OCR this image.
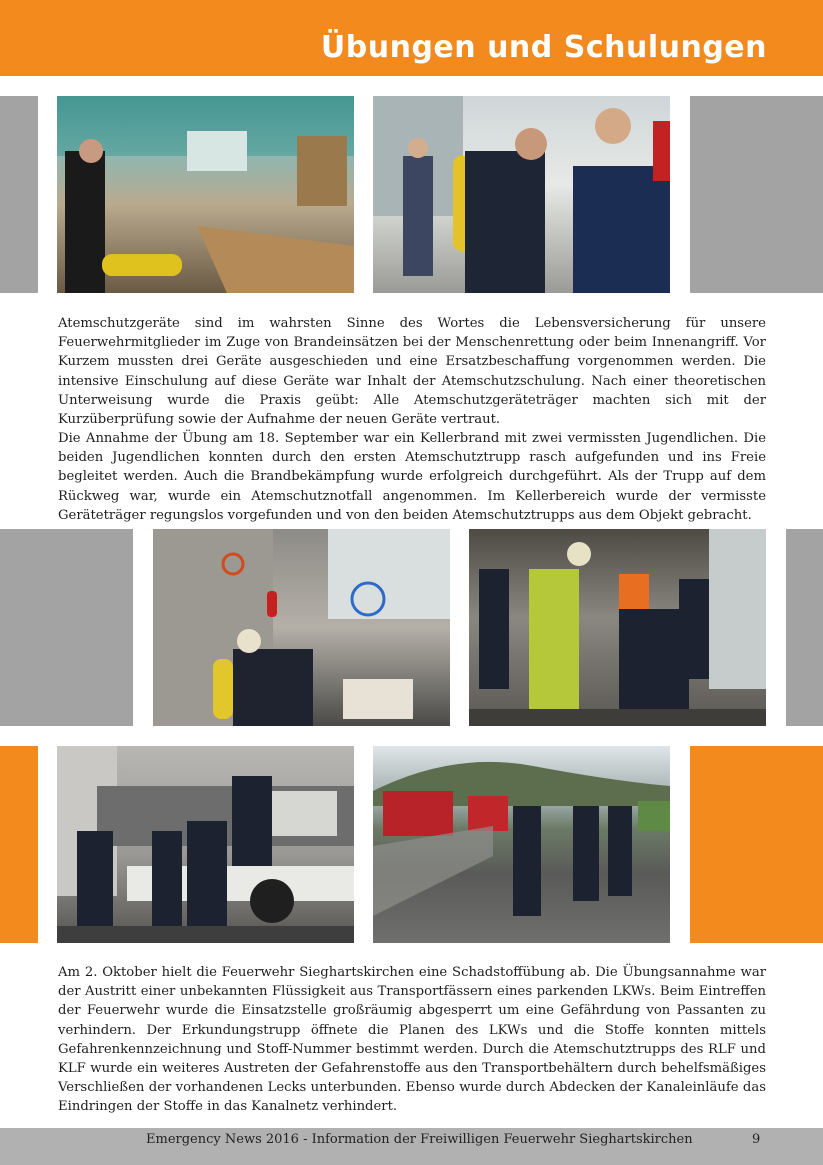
Übungen und Schulungen

Atemschutzgeräte sind im wahrsten Sinne des Wortes die Lebensversicherung für unsere Feuerwehrmitglieder im Zuge von Brandeinsätzen bei der Menschenrettung oder beim Innenangriff. Vor Kurzem mussten drei Geräte ausgeschieden und eine Ersatzbeschaffung vorgenommen werden. Die intensive Einschulung auf diese Geräte war Inhalt der Atemschutzschulung. Nach einer theoretischen Unterweisung wurde die Praxis geübt: Alle Atemschutzgeräteträger machten sich mit der Kurzüberprüfung sowie der Aufnahme der neuen Geräte vertraut.

Die Annahme der Übung am 18. September war ein Kellerbrand mit zwei vermissten Jugendlichen. Die beiden Jugendlichen konnten durch den ersten Atemschutztrupp rasch aufgefunden und ins Freie begleitet werden. Auch die Brandbekämpfung wurde erfolgreich durchgeführt. Als der Trupp auf dem Rückweg war, wurde ein Atemschutznotfall angenommen. Im Kellerbereich wurde der vermisste Geräteträger regungslos vorgefunden und von den beiden Atemschutztrupps aus dem Objekt gebracht.

Am 2. Oktober hielt die Feuerwehr Sieghartskirchen eine Schadstoffübung ab. Die Übungsannahme war der Austritt einer unbekannten Flüssigkeit aus Transportfässern eines parkenden LKWs. Beim Eintreffen der Feuerwehr wurde die Einsatzstelle großräumig abgesperrt um eine Gefährdung von Passanten zu verhindern. Der Erkundungstrupp öffnete die Planen des LKWs und die Stoffe konnten mittels Gefahrenkennzeichnung und Stoff-Nummer bestimmt werden. Durch die Atemschutztrupps des RLF und KLF wurde ein weiteres Austreten der Gefahrenstoffe aus den Transportbehältern durch behelfsmäßiges Verschließen der vorhandenen Lecks unterbunden. Ebenso wurde durch Abdecken der Kanaleinläufe das Eindringen der Stoffe in das Kanalnetz verhindert.

Emergency News 2016 - Information der Freiwilligen Feuerwehr Sieghartskirchen	9
